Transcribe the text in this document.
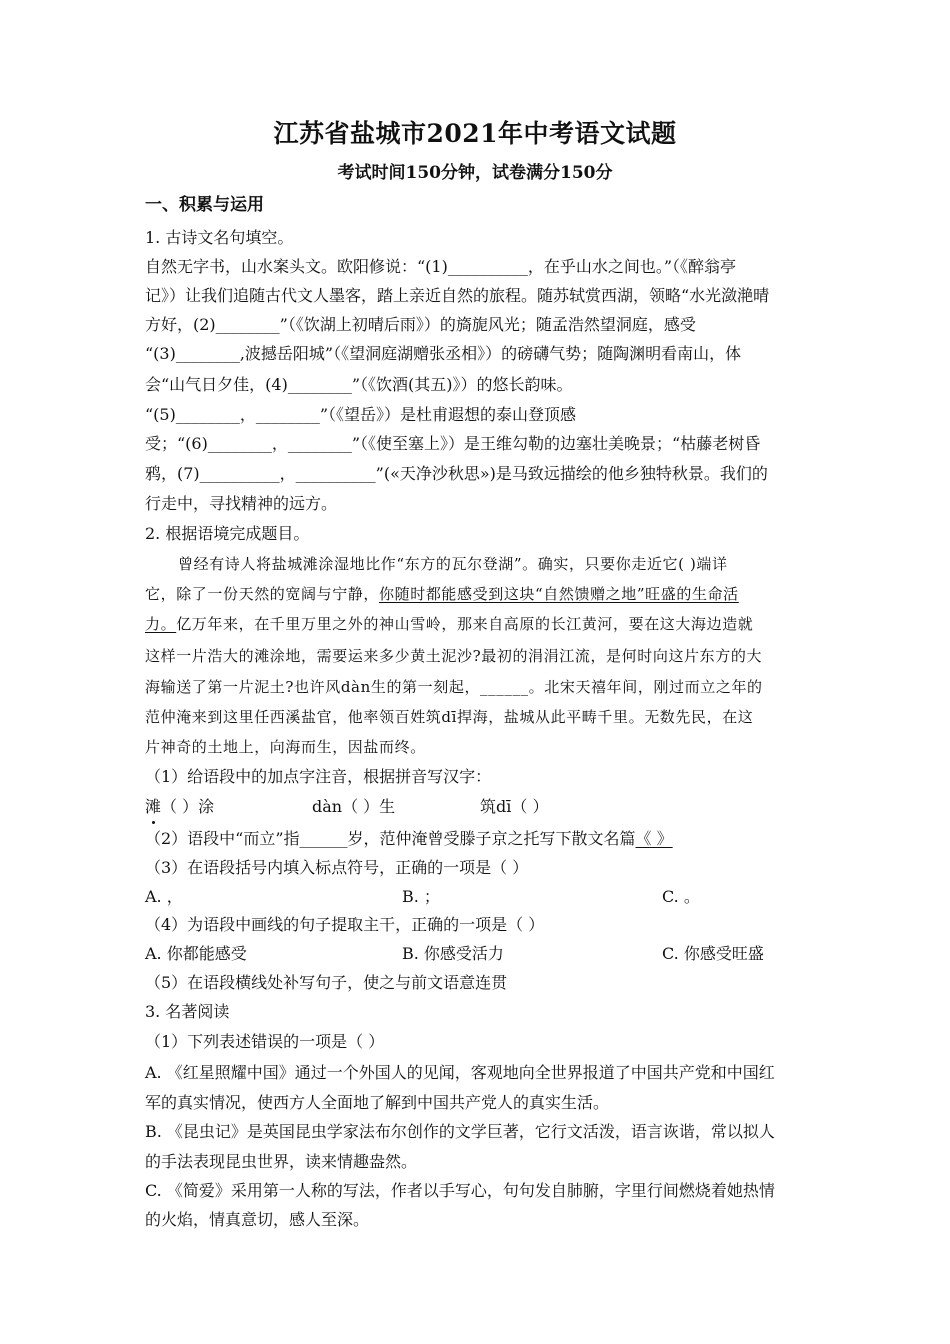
江苏省盐城市2021年中考语文试题
考试时间150分钟，试卷满分150分
一、积累与运用
1. 古诗文名句填空。
自然无字书，山水案头文。欧阳修说：“(1)__________，在乎山水之间也。”（《醉翁亭
记》）让我们追随古代文人墨客，踏上亲近自然的旅程。随苏轼赏西湖，领略“水光潋滟晴
方好，(2)________”（《饮湖上初晴后雨》）的旖旎风光；随孟浩然望洞庭，感受
“(3)________,波撼岳阳城”（《望洞庭湖赠张丞相》）的磅礴气势；随陶渊明看南山，体
会“山气日夕佳，(4)________”（《饮酒(其五)》）的悠长韵味。
“(5)________，________”（《望岳》）是杜甫遐想的泰山登顶感
受；“(6)________，________”（《使至塞上》）是王维勾勒的边塞壮美晚景；“枯藤老树昏
鸦，(7)__________，__________”(«天净沙秋思»)是马致远描绘的他乡独特秋景。我们的
行走中，寻找精神的远方。
2. 根据语境完成题目。
曾经有诗人将盐城滩涂湿地比作“东方的瓦尔登湖”。确实，只要你走近它( )端详
它，除了一份天然的宽阔与宁静，你随时都能感受到这块“自然馈赠之地”旺盛的生命活
力。亿万年来，在千里万里之外的神山雪岭，那来自高原的长江黄河，要在这大海边造就
这样一片浩大的滩涂地，需要运来多少黄土泥沙?最初的涓涓江流，是何时向这片东方的大
海输送了第一片泥土?也许风dàn生的第一刻起，______。北宋天禧年间，刚过而立之年的
范仲淹来到这里任西溪盐官，他率领百姓筑dī捍海，盐城从此平畴千里。无数先民，在这
片神奇的土地上，向海而生，因盐而终。
（1）给语段中的加点字注音，根据拼音写汉字：
滩（ ）涂	dàn（ ）生	筑dī（ ）
（2）语段中“而立”指______岁，范仲淹曾受滕子京之托写下散文名篇《 》
（3）在语段括号内填入标点符号，正确的一项是（ ）
A. ，	B. ；	C. 。
（4）为语段中画线的句子提取主干，正确的一项是（ ）
A. 你都能感受	B. 你感受活力	C. 你感受旺盛
（5）在语段横线处补写句子，使之与前文语意连贯
3. 名著阅读
（1）下列表述错误的一项是（ ）
A. 《红星照耀中国》通过一个外国人的见闻，客观地向全世界报道了中国共产党和中国红
军的真实情况，使西方人全面地了解到中国共产党人的真实生活。
B. 《昆虫记》是英国昆虫学家法布尔创作的文学巨著，它行文活泼，语言诙谐，常以拟人
的手法表现昆虫世界，读来情趣盎然。
C. 《简爱》采用第一人称的写法，作者以手写心，句句发自肺腑，字里行间燃烧着她热情
的火焰，情真意切，感人至深。
